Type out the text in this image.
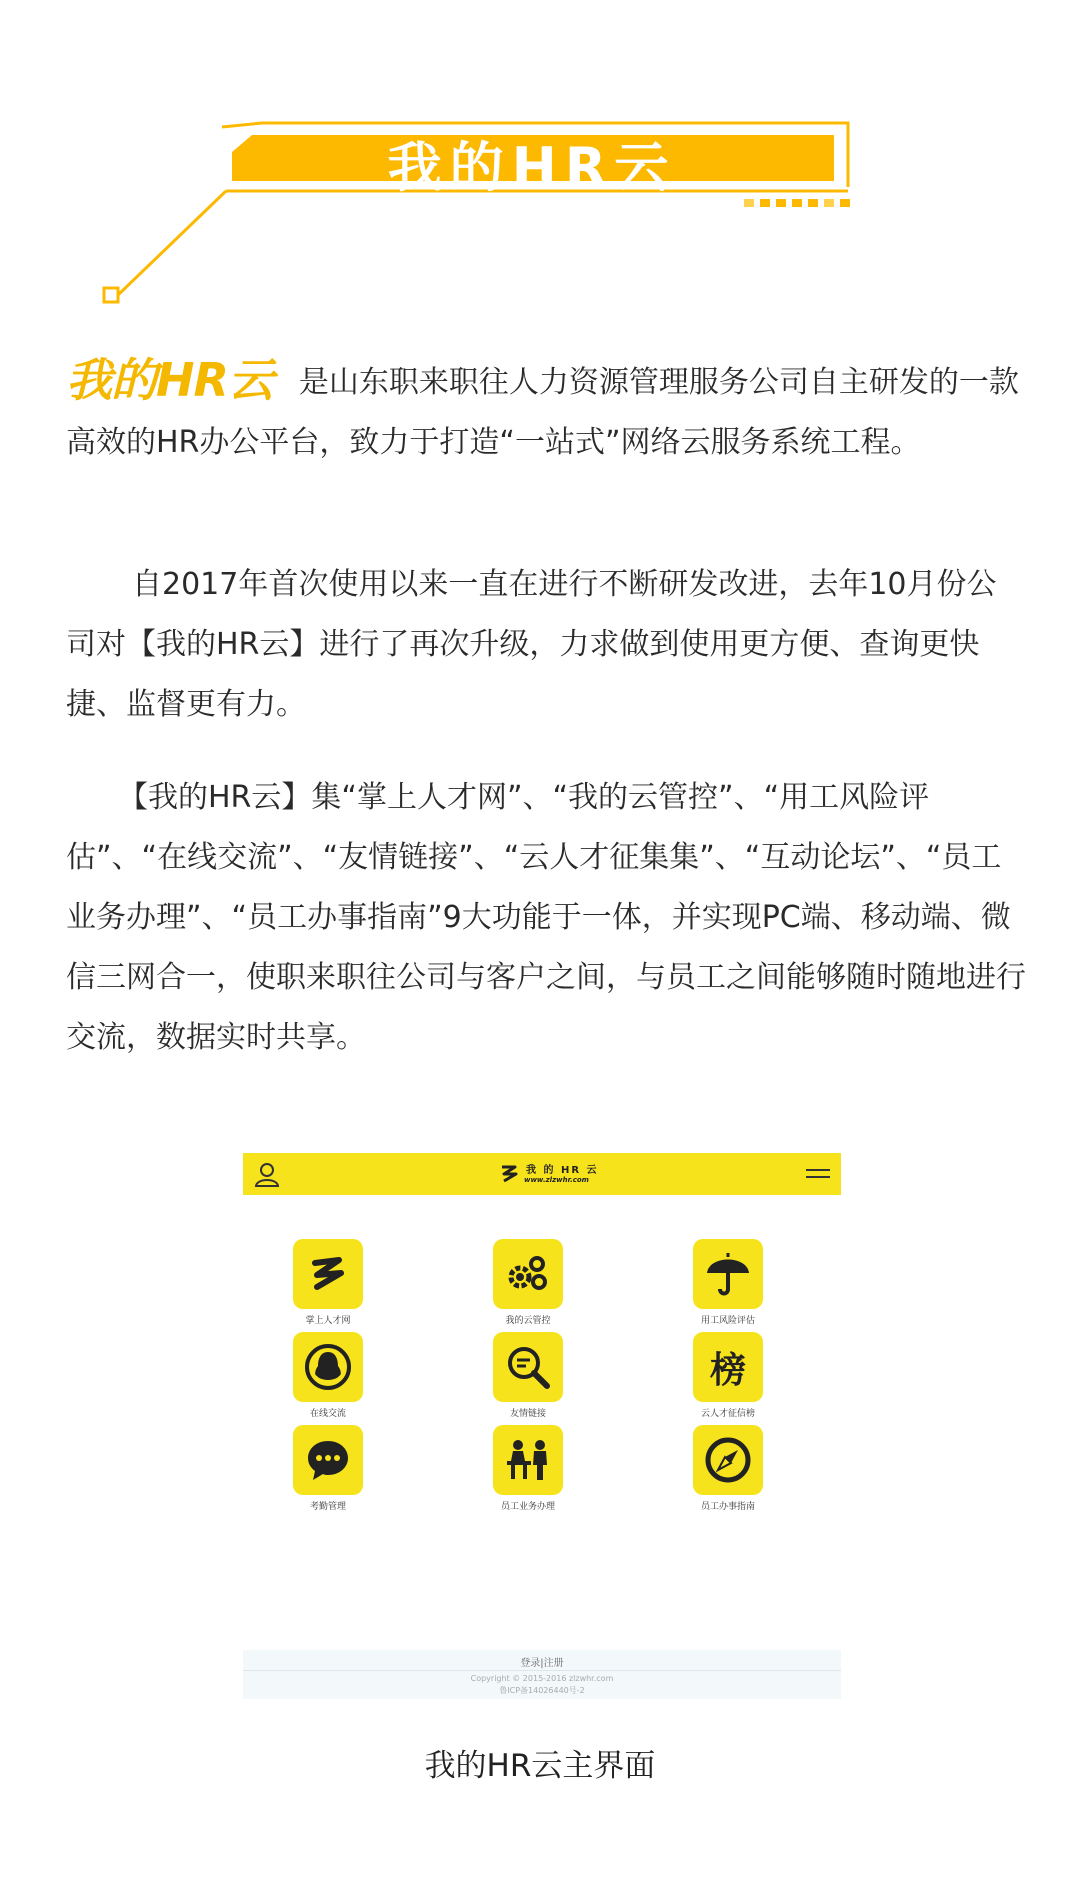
我的HR云

我的HR云 是山东职来职往人力资源管理服务公司自主研发的一款高效的HR办公平台，致力于打造“一站式”网络云服务系统工程。

自2017年首次使用以来一直在进行不断研发改进，去年10月份公司对【我的HR云】进行了再次升级，力求做到使用更方便、查询更快捷、监督更有力。

【我的HR云】集“掌上人才网”、“我的云管控”、“用工风险评估”、“在线交流”、“友情链接”、“云人才征集集”、“互动论坛”、“员工业务办理”、“员工办事指南”9大功能于一体，并实现PC端、移动端、微信三网合一，使职来职往公司与客户之间，与员工之间能够随时随地进行交流，数据实时共享。

我 的 HR 云
www.zlzwhr.com
掌上人才网	我的云管控	用工风险评估
在线交流	友情链接
榜
云人才征信榜
考勤管理	员工业务办理	员工办事指南
登录|注册
Copyright © 2015-2016 zlzwhr.com
鲁ICP备14026440号-2
我的HR云主界面
